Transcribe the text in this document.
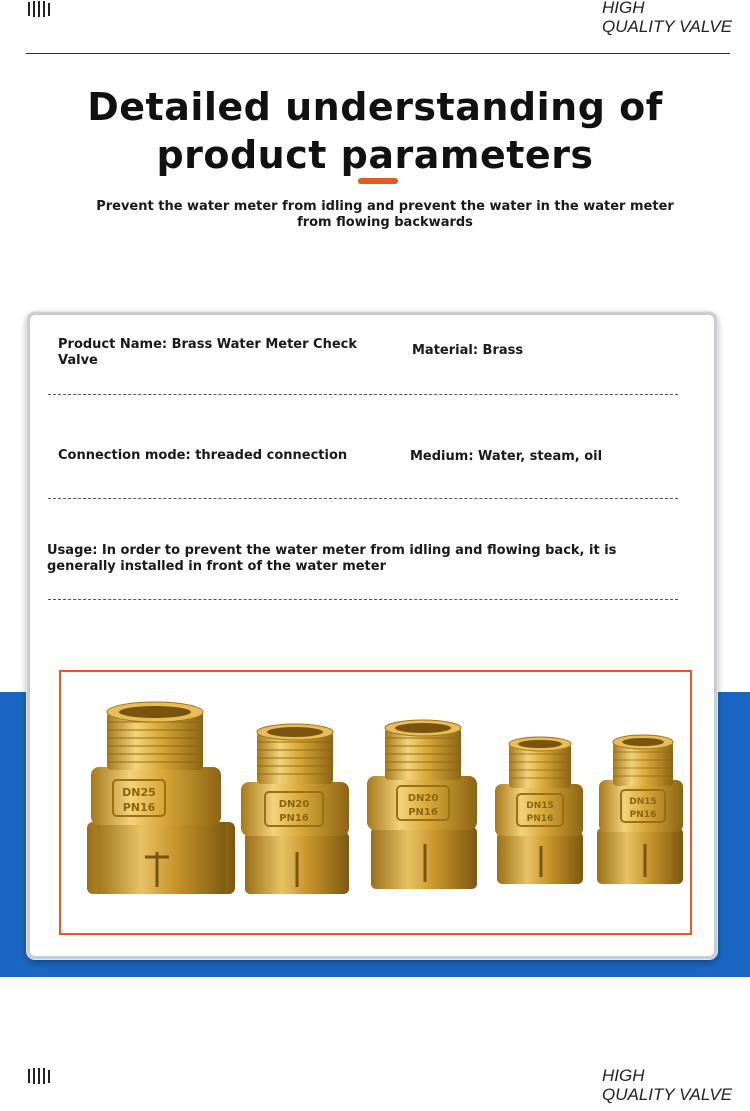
HIGH
QUALITY VALVE
Detailed understanding of
product parameters
Prevent the water meter from idling and prevent the water in the water meter from flowing backwards
Product Name: Brass Water Meter Check Valve
Material: Brass
Connection mode: threaded connection	Medium: Water, steam, oil
Usage: In order to prevent the water meter from idling and flowing back, it is generally installed in front of the water meter
DN25
PN16	DN20
PN16
DN20
PN16
DN15
PN16
DN15
PN16
HIGH
QUALITY VALVE
